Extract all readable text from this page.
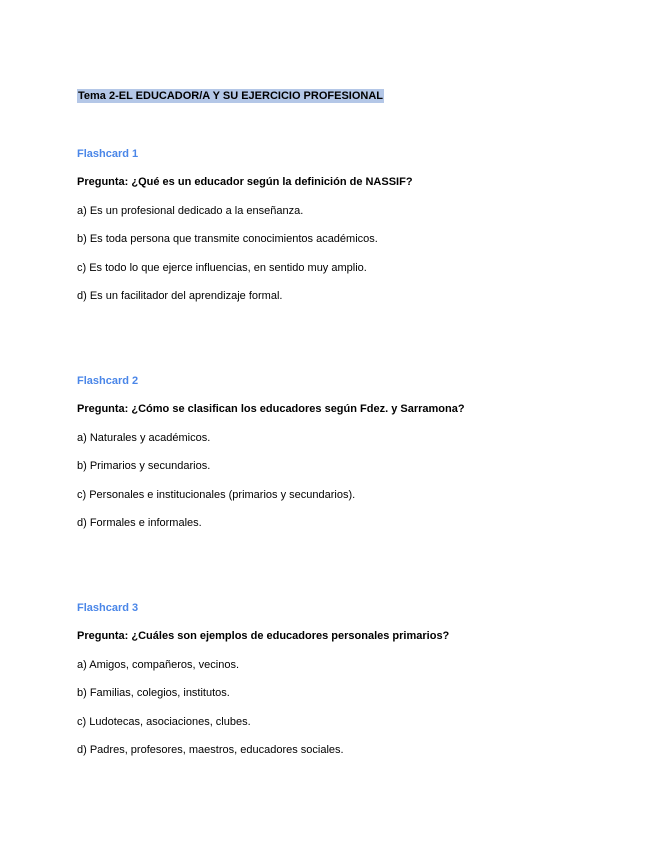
Tema 2-EL EDUCADOR/A Y SU EJERCICIO PROFESIONAL
Flashcard 1
Pregunta: ¿Qué es un educador según la definición de NASSIF?
a) Es un profesional dedicado a la enseñanza.
b) Es toda persona que transmite conocimientos académicos.
c) Es todo lo que ejerce influencias, en sentido muy amplio.
d) Es un facilitador del aprendizaje formal.
Flashcard 2
Pregunta: ¿Cómo se clasifican los educadores según Fdez. y Sarramona?
a) Naturales y académicos.
b) Primarios y secundarios.
c) Personales e institucionales (primarios y secundarios).
d) Formales e informales.
Flashcard 3
Pregunta: ¿Cuáles son ejemplos de educadores personales primarios?
a) Amigos, compañeros, vecinos.
b) Familias, colegios, institutos.
c) Ludotecas, asociaciones, clubes.
d) Padres, profesores, maestros, educadores sociales.
